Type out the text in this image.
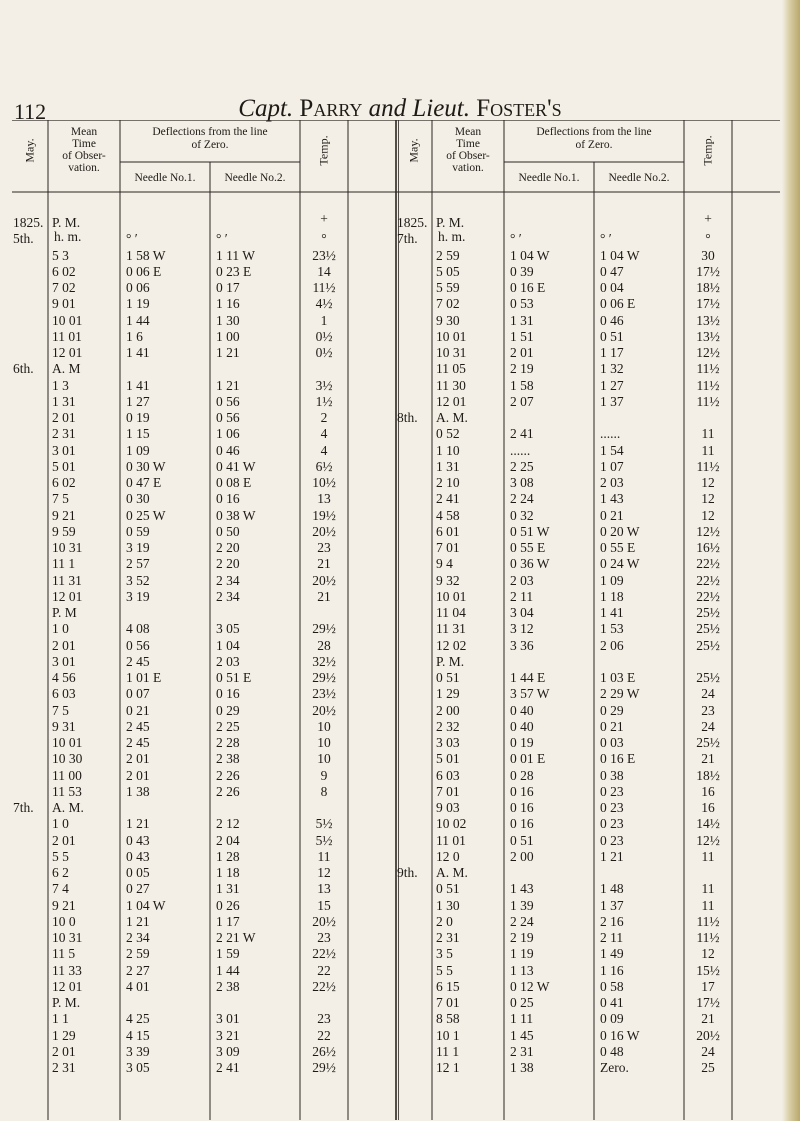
112	Capt. Parry and Lieut. Foster's
May.
Mean
Time
of Obser-
vation.
Deflections from the line
of Zero.
Needle No.1.	Needle No.2.
Temp.
h. m.	° ′	° ′	°
+
May.
Mean
Time
of Obser-
vation.
Deflections from the line
of Zero.
Needle No.1.	Needle No.2.
Temp.
h. m.	° ′	° ′	°
+
1825. P. M.
5th.
5 3	1 58 W	1 11 W	23½
6 02	0 06 E	0 23 E	14
7 02	0 06	0 17	11½
9 01	1 19	1 16	4½
10 01	1 44	1 30	1
11 01	1 6	1 00	0½
12 01	1 41	1 21	0½
6th.	A. M
1 3	1 41	1 21	3½
1 31	1 27	0 56	1½
2 01	0 19	0 56	2
2 31	1 15	1 06	4
3 01	1 09	0 46	4
5 01	0 30 W	0 41 W	6½
6 02	0 47 E	0 08 E	10½
7 5	0 30	0 16	13
9 21	0 25 W	0 38 W	19½
9 59	0 59	0 50	20½
10 31	3 19	2 20	23
11 1	2 57	2 20	21
11 31	3 52	2 34	20½
12 01	3 19	2 34	21
P. M
1 0	4 08	3 05	29½
2 01	0 56	1 04	28
3 01	2 45	2 03	32½
4 56	1 01 E	0 51 E	29½
6 03	0 07	0 16	23½
7 5	0 21	0 29	20½
9 31	2 45	2 25	10
10 01	2 45	2 28	10
10 30	2 01	2 38	10
11 00	2 01	2 26	9
11 53	1 38	2 26	8
7th.	A. M.
1 0	1 21	2 12	5½
2 01	0 43	2 04	5½
5 5	0 43	1 28	11
6 2	0 05	1 18	12
7 4	0 27	1 31	13
9 21	1 04 W	0 26	15
10 0	1 21	1 17	20½
10 31	2 34	2 21 W	23
11 5	2 59	1 59	22½
11 33	2 27	1 44	22
12 01	4 01	2 38	22½
P. M.
1 1	4 25	3 01	23
1 29	4 15	3 21	22
2 01	3 39	3 09	26½
2 31	3 05	2 41	29½
1825. P. M.
7th.
2 59	1 04 W	1 04 W	30
5 05	0 39	0 47	17½
5 59	0 16 E	0 04	18½
7 02	0 53	0 06 E	17½
9 30	1 31	0 46	13½
10 01	1 51	0 51	13½
10 31	2 01	1 17	12½
11 05	2 19	1 32	11½
11 30	1 58	1 27	11½
12 01	2 07	1 37	11½
8th.	A. M.
0 52	2 41	......	11
1 10	......	1 54	11
1 31	2 25	1 07	11½
2 10	3 08	2 03	12
2 41	2 24	1 43	12
4 58	0 32	0 21	12
6 01	0 51 W	0 20 W	12½
7 01	0 55 E	0 55 E	16½
9 4	0 36 W	0 24 W	22½
9 32	2 03	1 09	22½
10 01	2 11	1 18	22½
11 04	3 04	1 41	25½
11 31	3 12	1 53	25½
12 02	3 36	2 06	25½
P. M.
0 51	1 44 E	1 03 E	25½
1 29	3 57 W	2 29 W	24
2 00	0 40	0 29	23
2 32	0 40	0 21	24
3 03	0 19	0 03	25½
5 01	0 01 E	0 16 E	21
6 03	0 28	0 38	18½
7 01	0 16	0 23	16
9 03	0 16	0 23	16
10 02	0 16	0 23	14½
11 01	0 51	0 23	12½
12 0	2 00	1 21	11
9th.	A. M.
0 51	1 43	1 48	11
1 30	1 39	1 37	11
2 0	2 24	2 16	11½
2 31	2 19	2 11	11½
3 5	1 19	1 49	12
5 5	1 13	1 16	15½
6 15	0 12 W	0 58	17
7 01	0 25	0 41	17½
8 58	1 11	0 09	21
10 1	1 45	0 16 W	20½
11 1	2 31	0 48	24
12 1	1 38	Zero.	25
